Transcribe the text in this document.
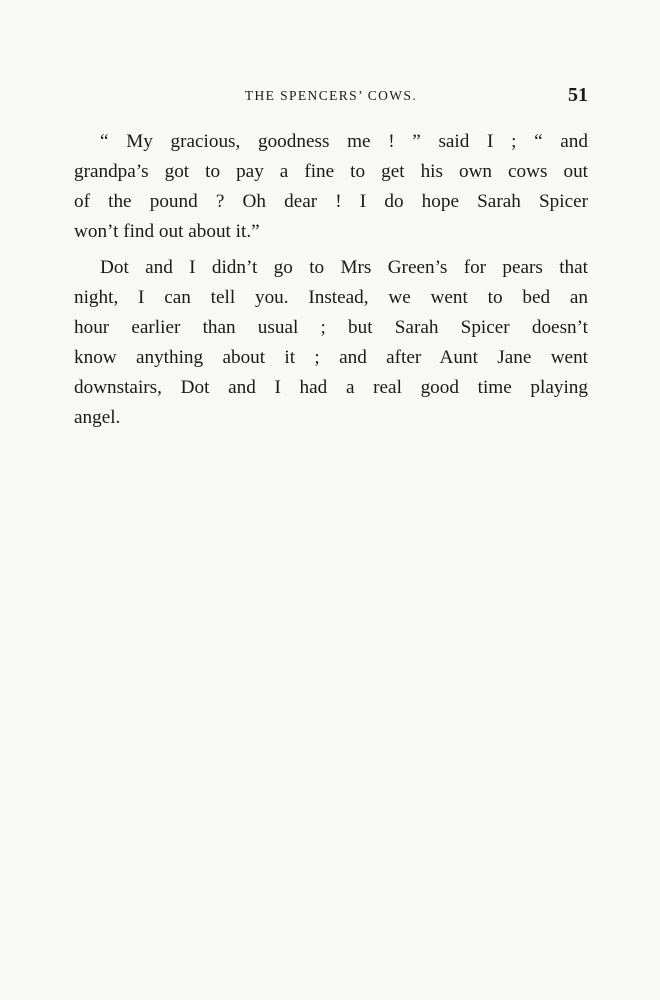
THE SPENCERS’ COWS.	51
“ My gracious, goodness me ! ” said I ; “ and
grandpa’s got to pay a fine to get his own cows out
of the pound ? Oh dear ! I do hope Sarah Spicer
won’t find out about it.”
Dot and I didn’t go to Mrs Green’s for pears that
night, I can tell you. Instead, we went to bed an
hour earlier than usual ; but Sarah Spicer doesn’t
know anything about it ; and after Aunt Jane went
downstairs, Dot and I had a real good time playing
angel.
